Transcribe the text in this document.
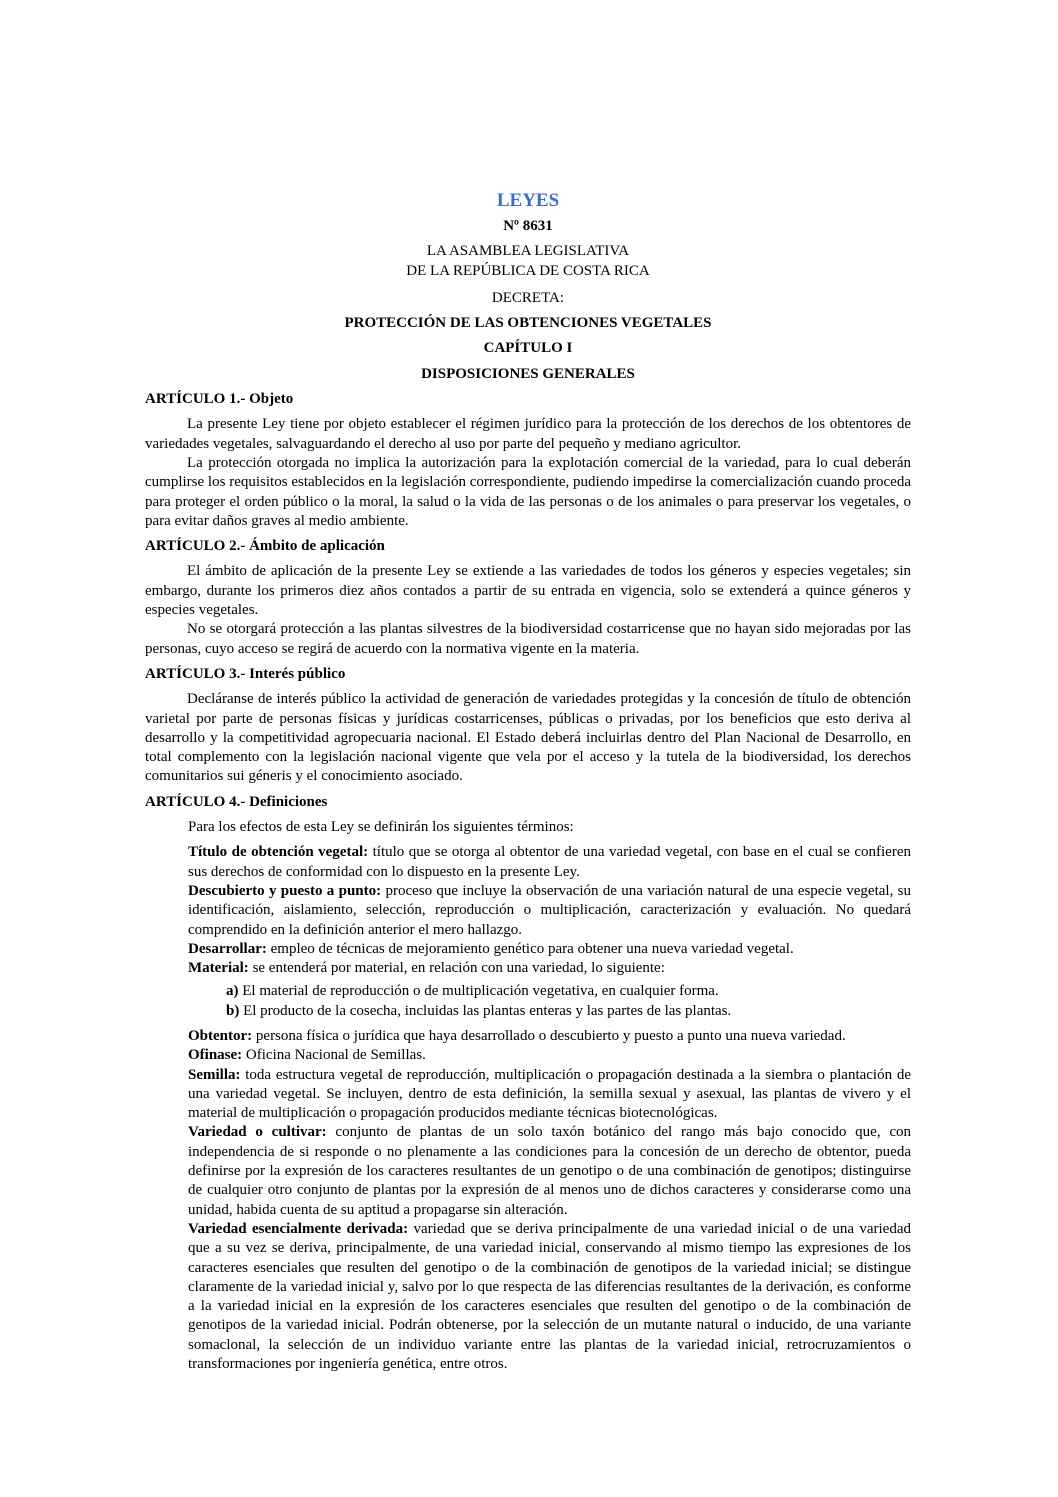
LEYES
Nº 8631
LA ASAMBLEA LEGISLATIVA
DE LA REPÚBLICA DE COSTA RICA
DECRETA:
PROTECCIÓN DE LAS OBTENCIONES VEGETALES
CAPÍTULO I
DISPOSICIONES GENERALES
ARTÍCULO 1.- Objeto

La presente Ley tiene por objeto establecer el régimen jurídico para la protección de los derechos de los obtentores de variedades vegetales, salvaguardando el derecho al uso por parte del pequeño y mediano agricultor.

La protección otorgada no implica la autorización para la explotación comercial de la variedad, para lo cual deberán cumplirse los requisitos establecidos en la legislación correspondiente, pudiendo impedirse la comercialización cuando proceda para proteger el orden público o la moral, la salud o la vida de las personas o de los animales o para preservar los vegetales, o para evitar daños graves al medio ambiente.

ARTÍCULO 2.- Ámbito de aplicación

El ámbito de aplicación de la presente Ley se extiende a las variedades de todos los géneros y especies vegetales; sin embargo, durante los primeros diez años contados a partir de su entrada en vigencia, solo se extenderá a quince géneros y especies vegetales.

No se otorgará protección a las plantas silvestres de la biodiversidad costarricense que no hayan sido mejoradas por las personas, cuyo acceso se regirá de acuerdo con la normativa vigente en la materia.

ARTÍCULO 3.- Interés público

Decláranse de interés público la actividad de generación de variedades protegidas y la concesión de título de obtención varietal por parte de personas físicas y jurídicas costarricenses, públicas o privadas, por los beneficios que esto deriva al desarrollo y la competitividad agropecuaria nacional. El Estado deberá incluirlas dentro del Plan Nacional de Desarrollo, en total complemento con la legislación nacional vigente que vela por el acceso y la tutela de la biodiversidad, los derechos comunitarios sui géneris y el conocimiento asociado.

ARTÍCULO 4.- Definiciones

Para los efectos de esta Ley se definirán los siguientes términos:

Título de obtención vegetal: título que se otorga al obtentor de una variedad vegetal, con base en el cual se confieren sus derechos de conformidad con lo dispuesto en la presente Ley.

Descubierto y puesto a punto: proceso que incluye la observación de una variación natural de una especie vegetal, su identificación, aislamiento, selección, reproducción o multiplicación, caracterización y evaluación. No quedará comprendido en la definición anterior el mero hallazgo.

Desarrollar: empleo de técnicas de mejoramiento genético para obtener una nueva variedad vegetal.

Material: se entenderá por material, en relación con una variedad, lo siguiente:

a) El material de reproducción o de multiplicación vegetativa, en cualquier forma.

b) El producto de la cosecha, incluidas las plantas enteras y las partes de las plantas.

Obtentor: persona física o jurídica que haya desarrollado o descubierto y puesto a punto una nueva variedad.

Ofinase: Oficina Nacional de Semillas.

Semilla: toda estructura vegetal de reproducción, multiplicación o propagación destinada a la siembra o plantación de una variedad vegetal. Se incluyen, dentro de esta definición, la semilla sexual y asexual, las plantas de vivero y el material de multiplicación o propagación producidos mediante técnicas biotecnológicas.

Variedad o cultivar: conjunto de plantas de un solo taxón botánico del rango más bajo conocido que, con independencia de si responde o no plenamente a las condiciones para la concesión de un derecho de obtentor, pueda definirse por la expresión de los caracteres resultantes de un genotipo o de una combinación de genotipos; distinguirse de cualquier otro conjunto de plantas por la expresión de al menos uno de dichos caracteres y considerarse como una unidad, habida cuenta de su aptitud a propagarse sin alteración.

Variedad esencialmente derivada: variedad que se deriva principalmente de una variedad inicial o de una variedad que a su vez se deriva, principalmente, de una variedad inicial, conservando al mismo tiempo las expresiones de los caracteres esenciales que resulten del genotipo o de la combinación de genotipos de la variedad inicial; se distingue claramente de la variedad inicial y, salvo por lo que respecta de las diferencias resultantes de la derivación, es conforme a la variedad inicial en la expresión de los caracteres esenciales que resulten del genotipo o de la combinación de genotipos de la variedad inicial. Podrán obtenerse, por la selección de un mutante natural o inducido, de una variante somaclonal, la selección de un individuo variante entre las plantas de la variedad inicial, retrocruzamientos o transformaciones por ingeniería genética, entre otros.
